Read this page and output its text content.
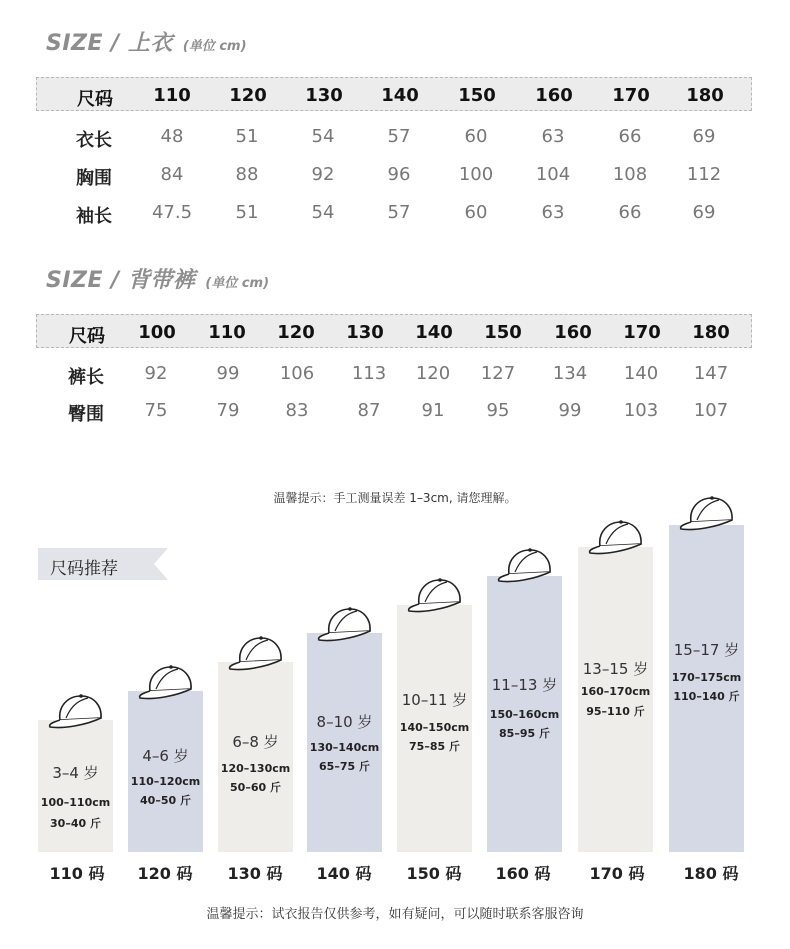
SIZE / 上衣 (单位 cm)
尺码 110 120 130 140 150 160 170 180
衣长	48	51	54	57	60	63	66	69
胸围	84	88	92	96	100 104 108 112
袖长 47.5 51	54	57	60	63	66	69
SIZE / 背带裤 (单位 cm)
尺码 100 110 120 130 140 150 160 170 180
裤长 92	99 106 113 120 127 134 140 147
臀围 75	79	83	87 91 95	99 103 107
温馨提示：手工测量误差 1–3cm, 请您理解。
尺码推荐
3–4 岁
100–110cm
30–40 斤
4–6 岁
110–120cm
40–50 斤
6–8 岁
120–130cm
50–60 斤
8–10 岁
130–140cm
65–75 斤
10–11 岁
140–150cm
75–85 斤
11–13 岁
150–160cm
85–95 斤
13–15 岁
160–170cm
95–110 斤
15–17 岁
170–175cm
110–140 斤
110 码 120 码 130 码 140 码 150 码 160 码 170 码 180 码
温馨提示：试衣报告仅供参考，如有疑问，可以随时联系客服咨询
